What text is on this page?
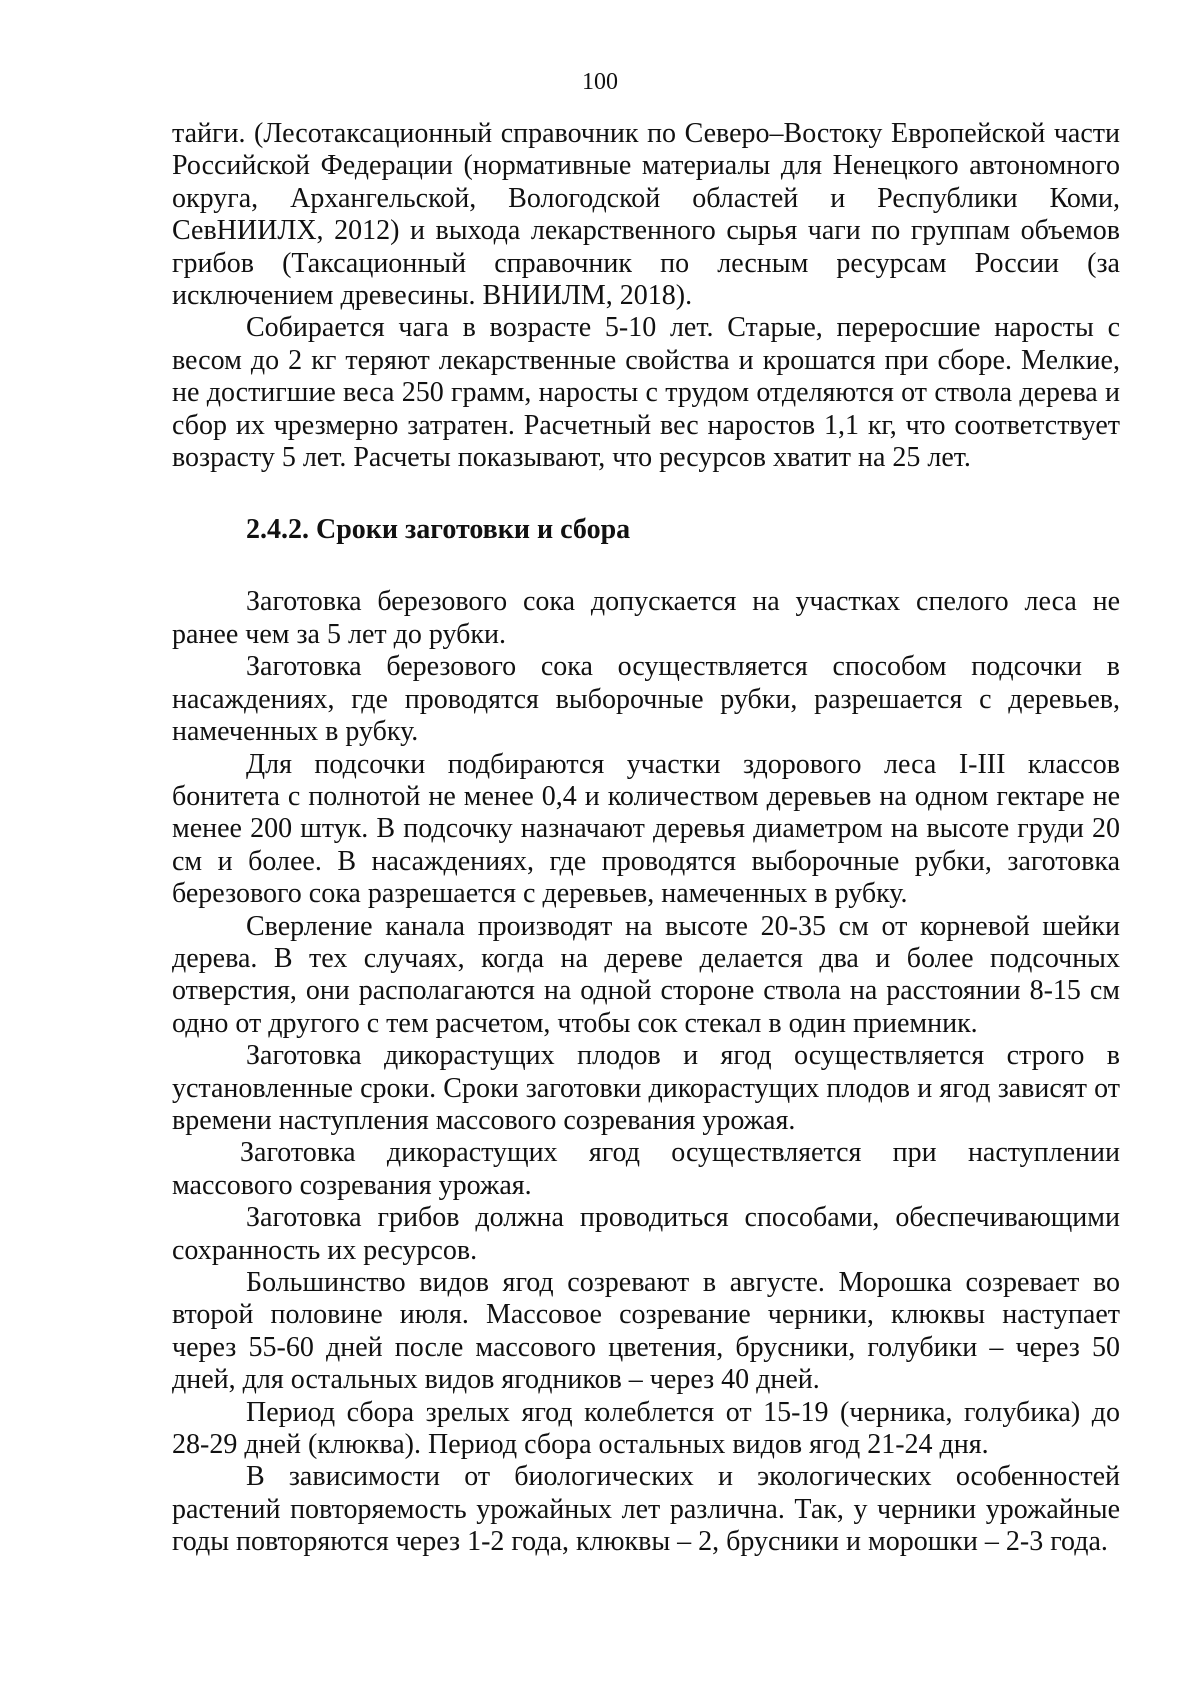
100

тайги. (Лесотаксационный справочник по Северо–Востоку Европейской части Российской Федерации (нормативные материалы для Ненецкого автономного округа, Архангельской, Вологодской областей и Республики Коми, СевНИИЛХ, 2012) и выхода лекарственного сырья чаги по группам объемов грибов (Таксационный справочник по лесным ресурсам России (за исключением древесины. ВНИИЛМ, 2018).

Собирается чага в возрасте 5-10 лет. Старые, переросшие наросты с весом до 2 кг теряют лекарственные свойства и крошатся при сборе. Мелкие, не достигшие веса 250 грамм, наросты с трудом отделяются от ствола дерева и сбор их чрезмерно затратен. Расчетный вес наростов 1,1 кг, что соответствует возрасту 5 лет. Расчеты показывают, что ресурсов хватит на 25 лет.

2.4.2. Сроки заготовки и сбора

Заготовка березового сока допускается на участках спелого леса не ранее чем за 5 лет до рубки.

Заготовка березового сока осуществляется способом подсочки в насаждениях, где проводятся выборочные рубки, разрешается с деревьев, намеченных в рубку.

Для подсочки подбираются участки здорового леса I-III классов бонитета с полнотой не менее 0,4 и количеством деревьев на одном гектаре не менее 200 штук. В подсочку назначают деревья диаметром на высоте груди 20 см и более. В насаждениях, где проводятся выборочные рубки, заготовка березового сока разрешается с деревьев, намеченных в рубку.

Сверление канала производят на высоте 20-35 см от корневой шейки дерева. В тех случаях, когда на дереве делается два и более подсочных отверстия, они располагаются на одной стороне ствола на расстоянии 8-15 см одно от другого с тем расчетом, чтобы сок стекал в один приемник.

Заготовка дикорастущих плодов и ягод осуществляется строго в установленные сроки. Сроки заготовки дикорастущих плодов и ягод зависят от времени наступления массового созревания урожая.

Заготовка дикорастущих ягод осуществляется при наступлении массового созревания урожая.

Заготовка грибов должна проводиться способами, обеспечивающими сохранность их ресурсов.

Большинство видов ягод созревают в августе. Морошка созревает во второй половине июля. Массовое созревание черники, клюквы наступает через 55-60 дней после массового цветения, брусники, голубики – через 50 дней, для остальных видов ягодников – через 40 дней.

Период сбора зрелых ягод колеблется от 15-19 (черника, голубика) до 28-29 дней (клюква). Период сбора остальных видов ягод 21-24 дня.

В зависимости от биологических и экологических особенностей растений повторяемость урожайных лет различна. Так, у черники урожайные годы повторяются через 1-2 года, клюквы – 2, брусники и морошки – 2-3 года.
